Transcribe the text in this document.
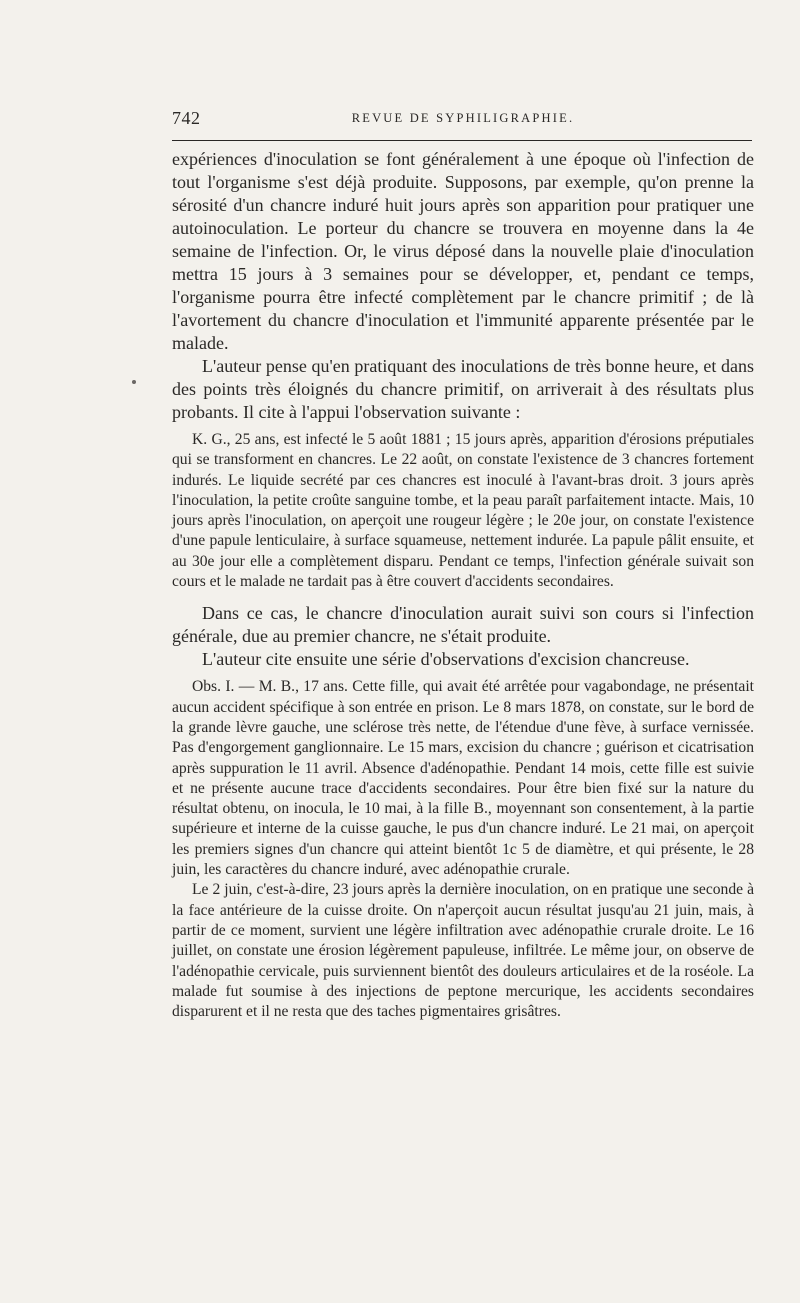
742	REVUE DE SYPHILIGRAPHIE.

expériences d'inoculation se font généralement à une époque où l'infection de tout l'organisme s'est déjà produite. Supposons, par exemple, qu'on prenne la sérosité d'un chancre induré huit jours après son apparition pour pratiquer une autoinoculation. Le porteur du chancre se trouvera en moyenne dans la 4e semaine de l'infection. Or, le virus déposé dans la nouvelle plaie d'inoculation mettra 15 jours à 3 semaines pour se développer, et, pendant ce temps, l'organisme pourra être infecté complètement par le chancre primitif ; de là l'avortement du chancre d'inoculation et l'immunité apparente présentée par le malade.

L'auteur pense qu'en pratiquant des inoculations de très bonne heure, et dans des points très éloignés du chancre primitif, on arriverait à des résultats plus probants. Il cite à l'appui l'observation suivante :

K. G., 25 ans, est infecté le 5 août 1881 ; 15 jours après, apparition d'érosions préputiales qui se transforment en chancres. Le 22 août, on constate l'existence de 3 chancres fortement indurés. Le liquide secrété par ces chancres est inoculé à l'avant-bras droit. 3 jours après l'inoculation, la petite croûte sanguine tombe, et la peau paraît parfaitement intacte. Mais, 10 jours après l'inoculation, on aperçoit une rougeur légère ; le 20e jour, on constate l'existence d'une papule lenticulaire, à surface squameuse, nettement indurée. La papule pâlit ensuite, et au 30e jour elle a complètement disparu. Pendant ce temps, l'infection générale suivait son cours et le malade ne tardait pas à être couvert d'accidents secondaires.

Dans ce cas, le chancre d'inoculation aurait suivi son cours si l'infection générale, due au premier chancre, ne s'était produite.

L'auteur cite ensuite une série d'observations d'excision chancreuse.

Obs. I. — M. B., 17 ans. Cette fille, qui avait été arrêtée pour vagabondage, ne présentait aucun accident spécifique à son entrée en prison. Le 8 mars 1878, on constate, sur le bord de la grande lèvre gauche, une sclérose très nette, de l'étendue d'une fève, à surface vernissée. Pas d'engorgement ganglionnaire. Le 15 mars, excision du chancre ; guérison et cicatrisation après suppuration le 11 avril. Absence d'adénopathie. Pendant 14 mois, cette fille est suivie et ne présente aucune trace d'accidents secondaires. Pour être bien fixé sur la nature du résultat obtenu, on inocula, le 10 mai, à la fille B., moyennant son consentement, à la partie supérieure et interne de la cuisse gauche, le pus d'un chancre induré. Le 21 mai, on aperçoit les premiers signes d'un chancre qui atteint bientôt 1c 5 de diamètre, et qui présente, le 28 juin, les caractères du chancre induré, avec adénopathie crurale.

Le 2 juin, c'est-à-dire, 23 jours après la dernière inoculation, on en pratique une seconde à la face antérieure de la cuisse droite. On n'aperçoit aucun résultat jusqu'au 21 juin, mais, à partir de ce moment, survient une légère infiltration avec adénopathie crurale droite. Le 16 juillet, on constate une érosion légèrement papuleuse, infiltrée. Le même jour, on observe de l'adénopathie cervicale, puis surviennent bientôt des douleurs articulaires et de la roséole. La malade fut soumise à des injections de peptone mercurique, les accidents secondaires disparurent et il ne resta que des taches pigmentaires grisâtres.
